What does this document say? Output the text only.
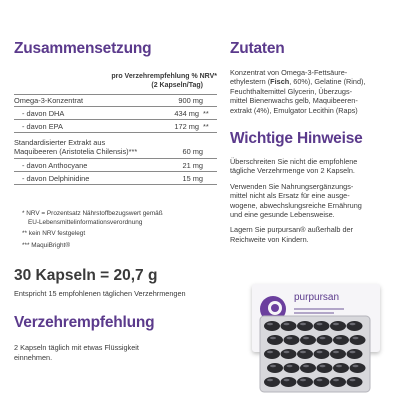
Zusammensetzung
pro Verzehrempfehlung % NRV*
(2 Kapseln/Tag)
Omega-3-Konzentrat	900 mg
- davon DHA	434 mg **
- davon EPA	172 mg **
Standardisierter Extrakt aus
Maquibeeren (Aristotelia Chilensis)***	60 mg
- davon Anthocyane	21 mg
- davon Delphinidine	15 mg
* NRV = Prozentsatz Nährstoffbezugswert gemäß
EU-Lebensmittelinformationsverordnung
** kein NRV festgelegt
*** MaquiBright®
30 Kapseln = 20,7 g
Entspricht 15 empfohlenen täglichen Verzehrmengen
Verzehrempfehlung
2 Kapseln täglich mit etwas Flüssigkeit
einnehmen.
Zutaten
Konzentrat von Omega-3-Fettsäure-
ethylestern (Fisch, 60%), Gelatine (Rind),
Feuchthaltemittel Glycerin, Überzugs-
mittel Bienenwachs gelb, Maquibeeren-
extrakt (4%), Emulgator Lecithin (Raps)
Wichtige Hinweise

Überschreiten Sie nicht die empfohlene
tägliche Verzehrmenge von 2 Kapseln.

Verwenden Sie Nahrungsergänzungs-
mittel nicht als Ersatz für eine ausge-
wogene, abwechslungsreiche Ernährung
und eine gesunde Lebensweise.

Lagern Sie purpursan® außerhalb der
Reichweite von Kindern.

purpursan
